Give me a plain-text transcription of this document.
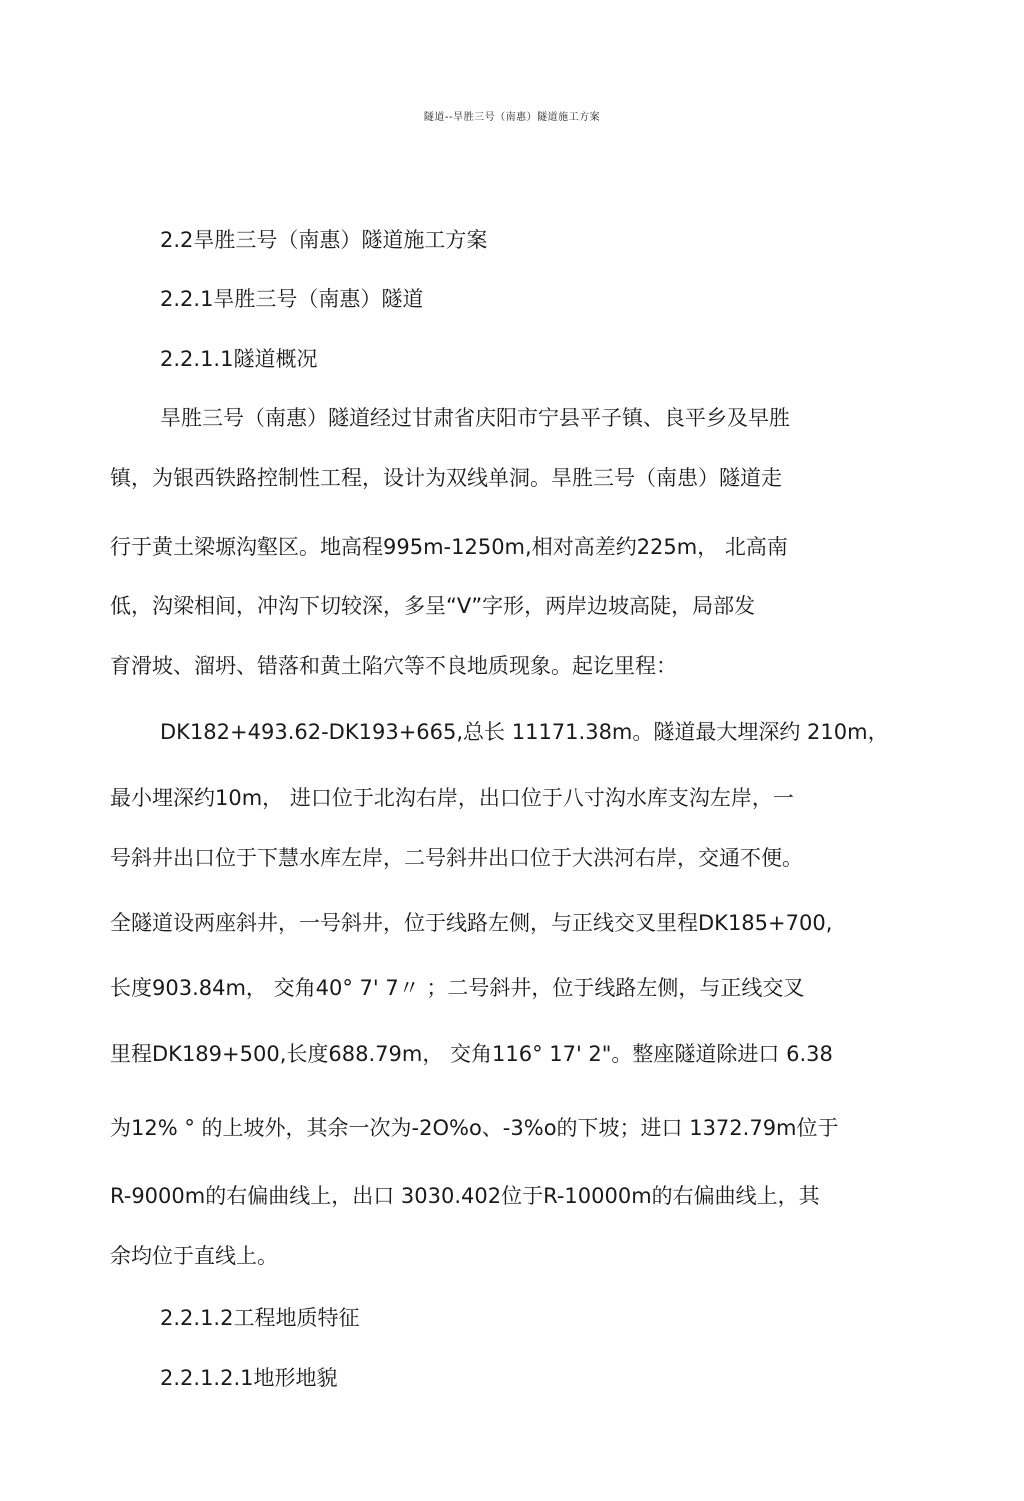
隧道--旱胜三号（南惠）隧道施工方案
2.2旱胜三号（南惠）隧道施工方案
2.2.1旱胜三号（南惠）隧道
2.2.1.1隧道概况
旱胜三号（南惠）隧道经过甘肃省庆阳市宁县平子镇、良平乡及早胜
镇，为银西铁路控制性工程，设计为双线单洞。旱胜三号（南患）隧道走
行于黄土梁塬沟壑区。地高程995m-1250m,相对高差约225m， 北高南
低，沟梁相间，冲沟下切较深，多呈“V”字形，两岸边坡高陡，局部发
育滑坡、溜坍、错落和黄土陷穴等不良地质现象。起讫里程：
DK182+493.62-DK193+665,总长 11171.38m。隧道最大埋深约 210m，
最小埋深约10m， 进口位于北沟右岸，出口位于八寸沟水库支沟左岸，一
号斜井出口位于下慧水库左岸，二号斜井出口位于大洪河右岸，交通不便。
全隧道设两座斜井，一号斜井，位于线路左侧，与正线交叉里程DK185+700,
长度903.84m， 交角40° 7' 7〃 ；二号斜井，位于线路左侧，与正线交叉
里程DK189+500,长度688.79m， 交角116° 17' 2"。整座隧道除进口 6.38
为12% ° 的上坡外，其余一次为-2O%o、-3%o的下坡；进口 1372.79m位于
R-9000m的右偏曲线上，出口 3030.402位于R-10000m的右偏曲线上，其
余均位于直线上。
2.2.1.2工程地质特征
2.2.1.2.1地形地貌
